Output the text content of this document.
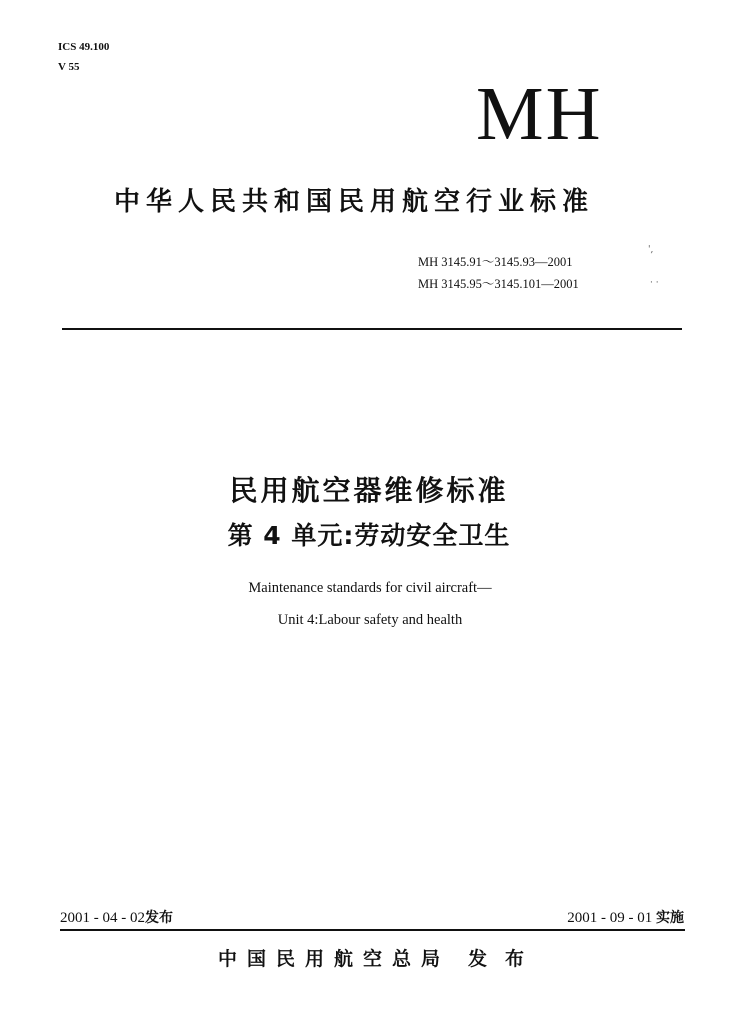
ICS 49.100
V 55
MH
中华人民共和国民用航空行业标准
MH 3145.91～3145.93—2001
MH 3145.95～3145.101—2001
',
· ·
民用航空器维修标准
第 4 单元:劳动安全卫生
Maintenance standards for civil aircraft—
Unit 4:Labour safety and health
2001 - 04 - 02发布	2001 - 09 - 01 实施
中国民用航空总局 发布
